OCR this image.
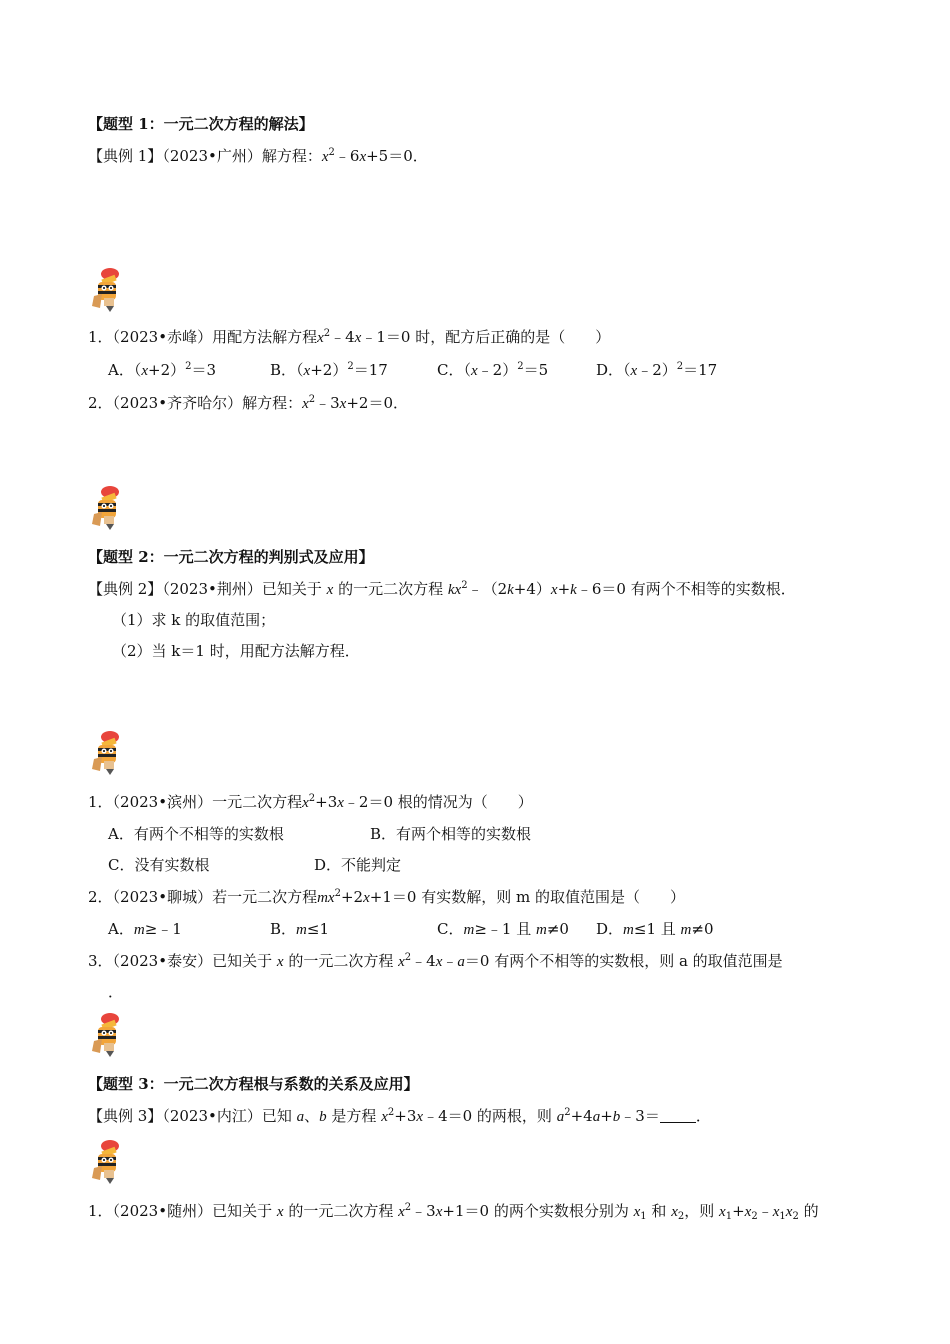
【题型 1：一元二次方程的解法】
【典例 1】（2023•广州）解方程：$x^2﹣6x+5=0$．
1．（2023•赤峰）用配方法解方程$x^2﹣4x﹣1=0$ 时，配方后正确的是（　　）
A．$(x+2)^2=3$	B．$(x+2)^2=17$	C．（x﹣2）$^2$＝5	D．（x﹣2）$^2$＝17
2．（2023•齐齐哈尔）解方程：$x^2﹣3x+2=0$．
【题型 2：一元二次方程的判别式及应用】
【典例 2】（2023•荆州）已知关于 x 的一元二次方程 $kx^2﹣(2k+4)x+k﹣6=0$ 有两个不相等的实数根．
（1）求 k 的取值范围；
（2）当 k＝1 时，用配方法解方程．
1．（2023•滨州）一元二次方程$x^2+3x﹣2=0$ 根的情况为（　　）
A．有两个不相等的实数根	B．有两个相等的实数根
C．没有实数根	D．不能判定
2．（2023•聊城）若一元二次方程$mx^2+2x+1=0$ 有实数解，则 m 的取值范围是（　　）
A．m≥﹣1	B．m≤1	C．m≥﹣1 且 m≠0 D．m≤1 且 m≠0
3．（2023•泰安）已知关于 x 的一元二次方程 $x^2﹣4x﹣a=0$ 有两个不相等的实数根，则 a 的取值范围是
．
【题型 3：一元二次方程根与系数的关系及应用】
【典例 3】（2023•内江）已知 a、b 是方程 $x^2+3x﹣4=0$ 的两根，则 $a^2+4a+b﹣3=$ ．
1．（2023•随州）已知关于 x 的一元二次方程 $x^2﹣3x+1=0$ 的两个实数根分别为 $x_1$ 和 $x_2$，则 $x_1+x_2﹣x_1x_2$ 的
